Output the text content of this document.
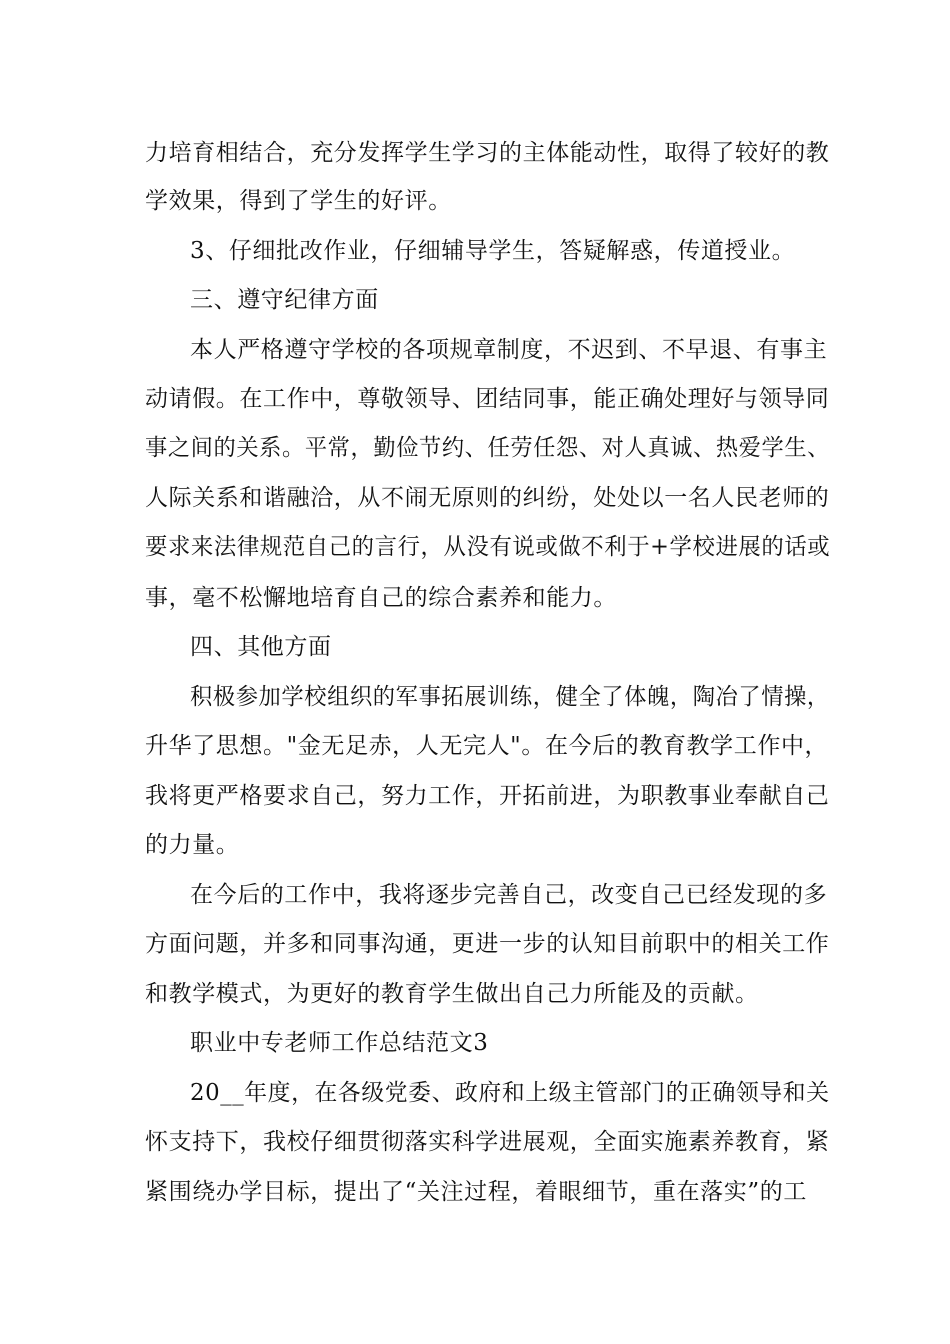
力培育相结合，充分发挥学生学习的主体能动性，取得了较好的教
学效果，得到了学生的好评。
3、仔细批改作业，仔细辅导学生，答疑解惑，传道授业。
三、遵守纪律方面
本人严格遵守学校的各项规章制度，不迟到、不早退、有事主
动请假。在工作中，尊敬领导、团结同事，能正确处理好与领导同
事之间的关系。平常，勤俭节约、任劳任怨、对人真诚、热爱学生、
人际关系和谐融洽，从不闹无原则的纠纷，处处以一名人民老师的
要求来法律规范自己的言行，从没有说或做不利于+学校进展的话或
事，毫不松懈地培育自己的综合素养和能力。
四、其他方面
积极参加学校组织的军事拓展训练，健全了体魄，陶冶了情操，
升华了思想。"金无足赤，人无完人"。在今后的教育教学工作中，
我将更严格要求自己，努力工作，开拓前进，为职教事业奉献自己
的力量。
在今后的工作中，我将逐步完善自己，改变自己已经发现的多
方面问题，并多和同事沟通，更进一步的认知目前职中的相关工作
和教学模式，为更好的教育学生做出自己力所能及的贡献。
职业中专老师工作总结范文3
20__年度，在各级党委、政府和上级主管部门的正确领导和关
怀支持下，我校仔细贯彻落实科学进展观，全面实施素养教育，紧
紧围绕办学目标，提出了“关注过程，着眼细节，重在落实”的工
